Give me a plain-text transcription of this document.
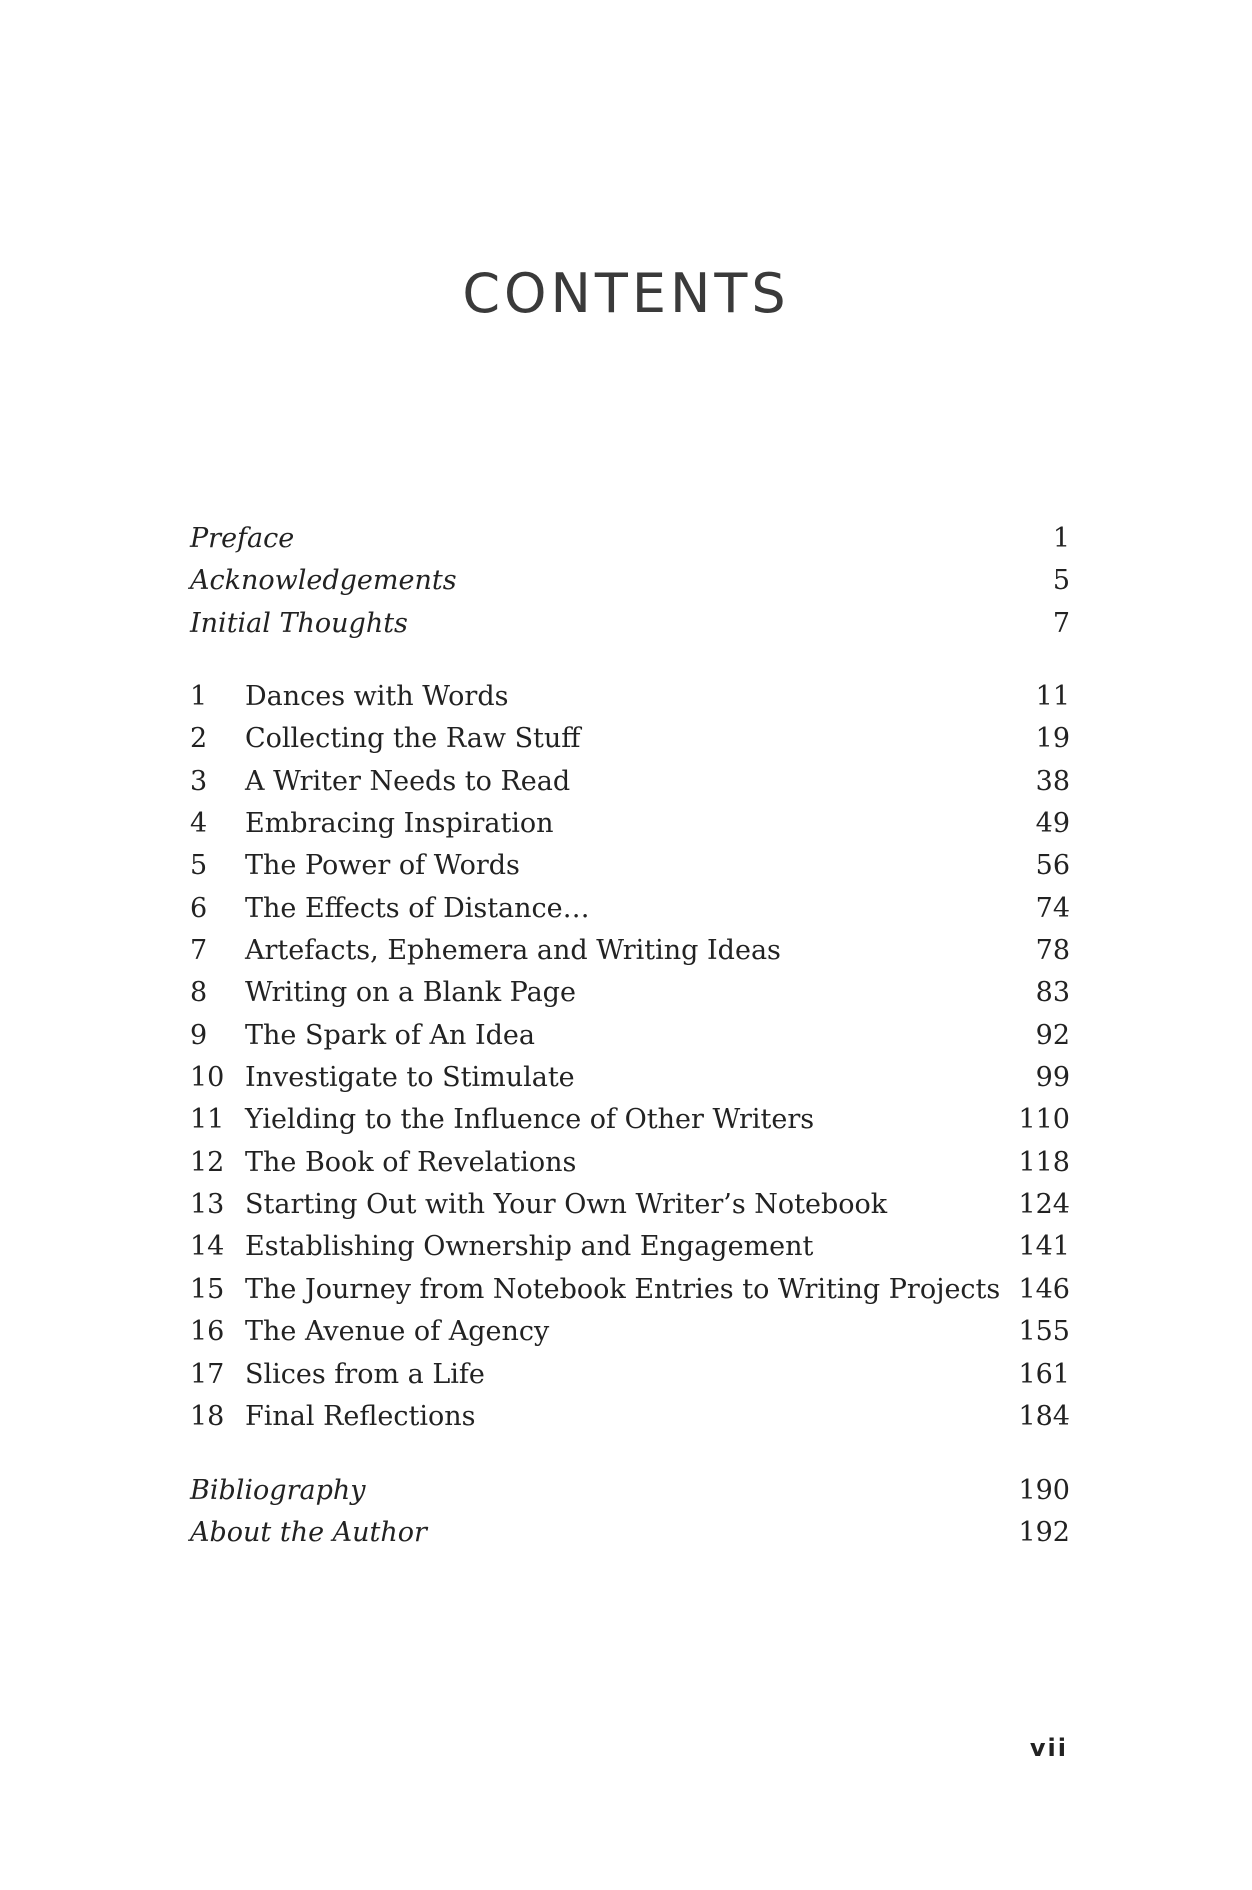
CONTENTS
Preface	1
Acknowledgements	5
Initial Thoughts	7
1	Dances with Words	11
2	Collecting the Raw Stuff	19
3	A Writer Needs to Read	38
4	Embracing Inspiration	49
5	The Power of Words	56
6	The Effects of Distance…	74
7	Artefacts, Ephemera and Writing Ideas	78
8	Writing on a Blank Page	83
9	The Spark of An Idea	92
10 Investigate to Stimulate	99
11 Yielding to the Influence of Other Writers	110
12 The Book of Revelations	118
13 Starting Out with Your Own Writer’s Notebook	124
14 Establishing Ownership and Engagement	141
15 The Journey from Notebook Entries to Writing Projects 146
16 The Avenue of Agency	155
17 Slices from a Life	161
18 Final Reflections	184
Bibliography	190
About the Author	192
vii
